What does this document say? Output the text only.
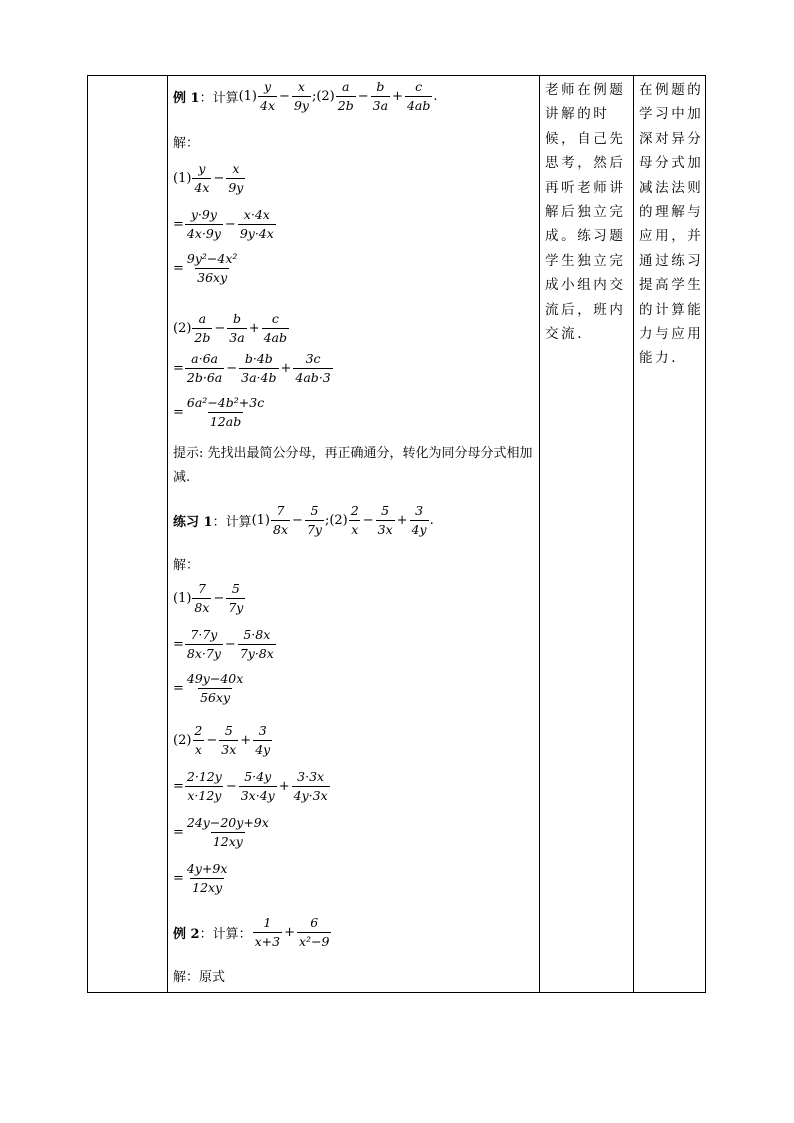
例 1 ：计算 $(1) \frac{y}{4x} - \frac{x}{9y}$ ; $(2) \frac{a}{2b} - \frac{b}{3a} + \frac{c}{4ab}$ .
解：
$(1) \frac{y}{4x} - \frac{x}{9y}$
= $\frac{y\cdot 9y}{4x\cdot 9y} - \frac{x\cdot 4x}{9y\cdot 4x}$
= $\frac{\text{9y²−4x²}}{36xy}$
$(2) \frac{a}{2b} - \frac{b}{3a} + \frac{c}{4ab}$
= $\frac{a\cdot 6a}{2b\cdot 6a} - \frac{b\cdot 4b}{3a\cdot 4b} + \frac{3c}{4ab\cdot 3}$
= $\frac{\text{6a²−4b²+3c}}{12ab}$
提示: 先找出最简公分母，再正确通分，转化为同分母分式相加减.
练习 1 ：计算 $(1) \frac{7}{8x} - \frac{5}{7y}$ ; $(2) \frac{2}{x} - \frac{5}{3x} + \frac{3}{4y}$ .
解：
$(1) \frac{7}{8x} - \frac{5}{7y}$
= $\frac{7\cdot 7y}{8x\cdot 7y} - \frac{5\cdot 8x}{7y\cdot 8x}$
= $\frac{49y-40x}{56xy}$
$(2) \frac{2}{x} - \frac{5}{3x} + \frac{3}{4y}$
= $\frac{2\cdot 12y}{x\cdot 12y} - \frac{5\cdot 4y}{3x\cdot 4y} + \frac{3\cdot 3x}{4y\cdot 3x}$
= $\frac{24y-20y+9x}{12xy}$
= $\frac{4y+9x}{12xy}$
例 2 ：计算： $\frac{1}{x+3} + \frac{6}{\text{x²−9}}$
解：原式
老师在例题讲解的时候，自己先思考，然后再听老师讲解后独立完成。练习题学生独立完成小组内交流后，班内交流.
在例题的学习中加深对异分母分式加减法法则的理解与应用，并通过练习提高学生的计算能力与应用能力.
